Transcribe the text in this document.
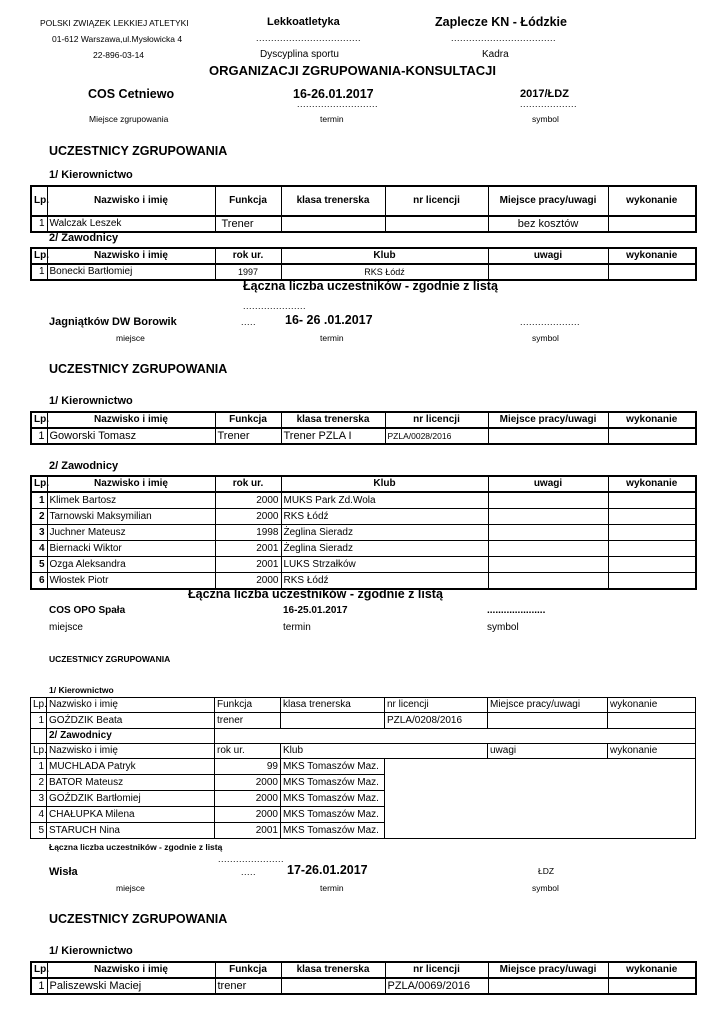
POLSKI ZWIĄZEK LEKKIEJ ATLETYKI
01-612 Warszawa,ul.Mysłowicka 4
22-896-03-14
Lekkoatletyka
...................................
Dyscyplina sportu
Zaplecze KN - Łódzkie
...................................
Kadra
ORGANIZACJI ZGRUPOWANIA-KONSULTACJI
COS Cetniewo	16-26.01.2017
...........................
2017/ŁDZ
...................
Miejsce zgrupowania	termin	symbol
UCZESTNICY ZGRUPOWANIA
1/ Kierownictwo
Lp.	Nazwisko i imię	Funkcja	klasa trenerska	nr licencji	Miejsce pracy/uwagi	wykonanie
1	Walczak Leszek	Trener			bez kosztów	
2/ Zawodnicy
Lp.	Nazwisko i imię	rok ur.	Klub	uwagi	wykonanie
1	Bonecki Bartłomiej	1997	RKS Łódź		
Łączna liczba uczestników - zgodnie z listą
.....................
Jagniątków DW Borowik	..... 16- 26 .01.2017	....................
miejsce	termin	symbol
UCZESTNICY ZGRUPOWANIA
1/ Kierownictwo
Lp.	Nazwisko i imię	Funkcja	klasa trenerska	nr licencji	Miejsce pracy/uwagi	wykonanie
1	Goworski Tomasz	Trener	Trener PZLA I	PZLA/0028/2016		
2/ Zawodnicy
Lp.	Nazwisko i imię	rok ur.	Klub	uwagi	wykonanie
1	Klimek Bartosz	2000	MUKS Park Zd.Wola		
2	Tarnowski Maksymilian	2000	RKS Łódź		
3	Juchner Mateusz	1998	Żeglina Sieradz		
4	Biernacki Wiktor	2001	Żeglina Sieradz		
5	Ozga Aleksandra	2001	LUKS Strzałków		
6	Włostek Piotr	2000	RKS Łódź		
Łączna liczba uczestników - zgodnie z listą
COS OPO Spała	16-25.01.2017	.....................
miejsce	termin	symbol
UCZESTNICY ZGRUPOWANIA
1/ Kierownictwo
Lp.	Nazwisko i imię	Funkcja	klasa trenerska	nr licencji	Miejsce pracy/uwagi	wykonanie
1	GOŹDZIK Beata	trener		PZLA/0208/2016		
	2/ Zawodnicy					
Lp.	Nazwisko i imię	rok ur.	Klub		uwagi	wykonanie
1	MUCHLADA Patryk	99	MKS Tomaszów Maz.			
2	BATOR Mateusz	2000	MKS Tomaszów Maz.			
3	GOŹDZIK Bartłomiej	2000	MKS Tomaszów Maz.			
4	CHAŁUPKA Milena	2000	MKS Tomaszów Maz.			
5	STARUCH Nina	2001	MKS Tomaszów Maz.			
Łączna liczba uczestników - zgodnie z listą
......................
Wisła	..... 17-26.01.2017	ŁDZ
miejsce	termin	symbol
UCZESTNICY ZGRUPOWANIA
1/ Kierownictwo
Lp.	Nazwisko i imię	Funkcja	klasa trenerska	nr licencji	Miejsce pracy/uwagi	wykonanie
1	Paliszewski Maciej	trener		PZLA/0069/2016		
